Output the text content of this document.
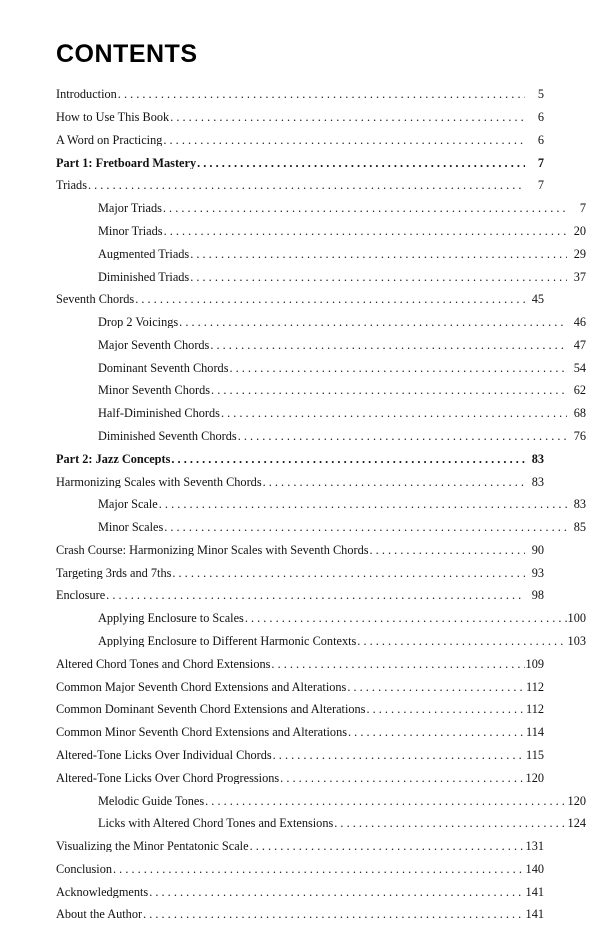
CONTENTS
Introduction . . .	5
How to Use This Book . . .	6
A Word on Practicing . . .	6
Part 1: Fretboard Mastery . . .	7
Triads . . .	7
Major Triads . . .	7
Minor Triads . . .	20
Augmented Triads . . .	29
Diminished Triads . . .	37
Seventh Chords . . .	45
Drop 2 Voicings . . .	46
Major Seventh Chords . . .	47
Dominant Seventh Chords . . .	54
Minor Seventh Chords . . .	62
Half-Diminished Chords . . .	68
Diminished Seventh Chords . . .	76
Part 2: Jazz Concepts . . .	83
Harmonizing Scales with Seventh Chords . . .	83
Major Scale . . .	83
Minor Scales . . .	85
Crash Course: Harmonizing Minor Scales with Seventh Chords . . .	90
Targeting 3rds and 7ths . . .	93
Enclosure . . .	98
Applying Enclosure to Scales . . .	100
Applying Enclosure to Different Harmonic Contexts . . .	103
Altered Chord Tones and Chord Extensions . . .	109
Common Major Seventh Chord Extensions and Alterations . . .	112
Common Dominant Seventh Chord Extensions and Alterations . . .	112
Common Minor Seventh Chord Extensions and Alterations . . .	114
Altered-Tone Licks Over Individual Chords . . .	115
Altered-Tone Licks Over Chord Progressions . . .	120
Melodic Guide Tones . . .	120
Licks with Altered Chord Tones and Extensions . . .	124
Visualizing the Minor Pentatonic Scale . . .	131
Conclusion . . .	140
Acknowledgments . . .	141
About the Author . . .	141
